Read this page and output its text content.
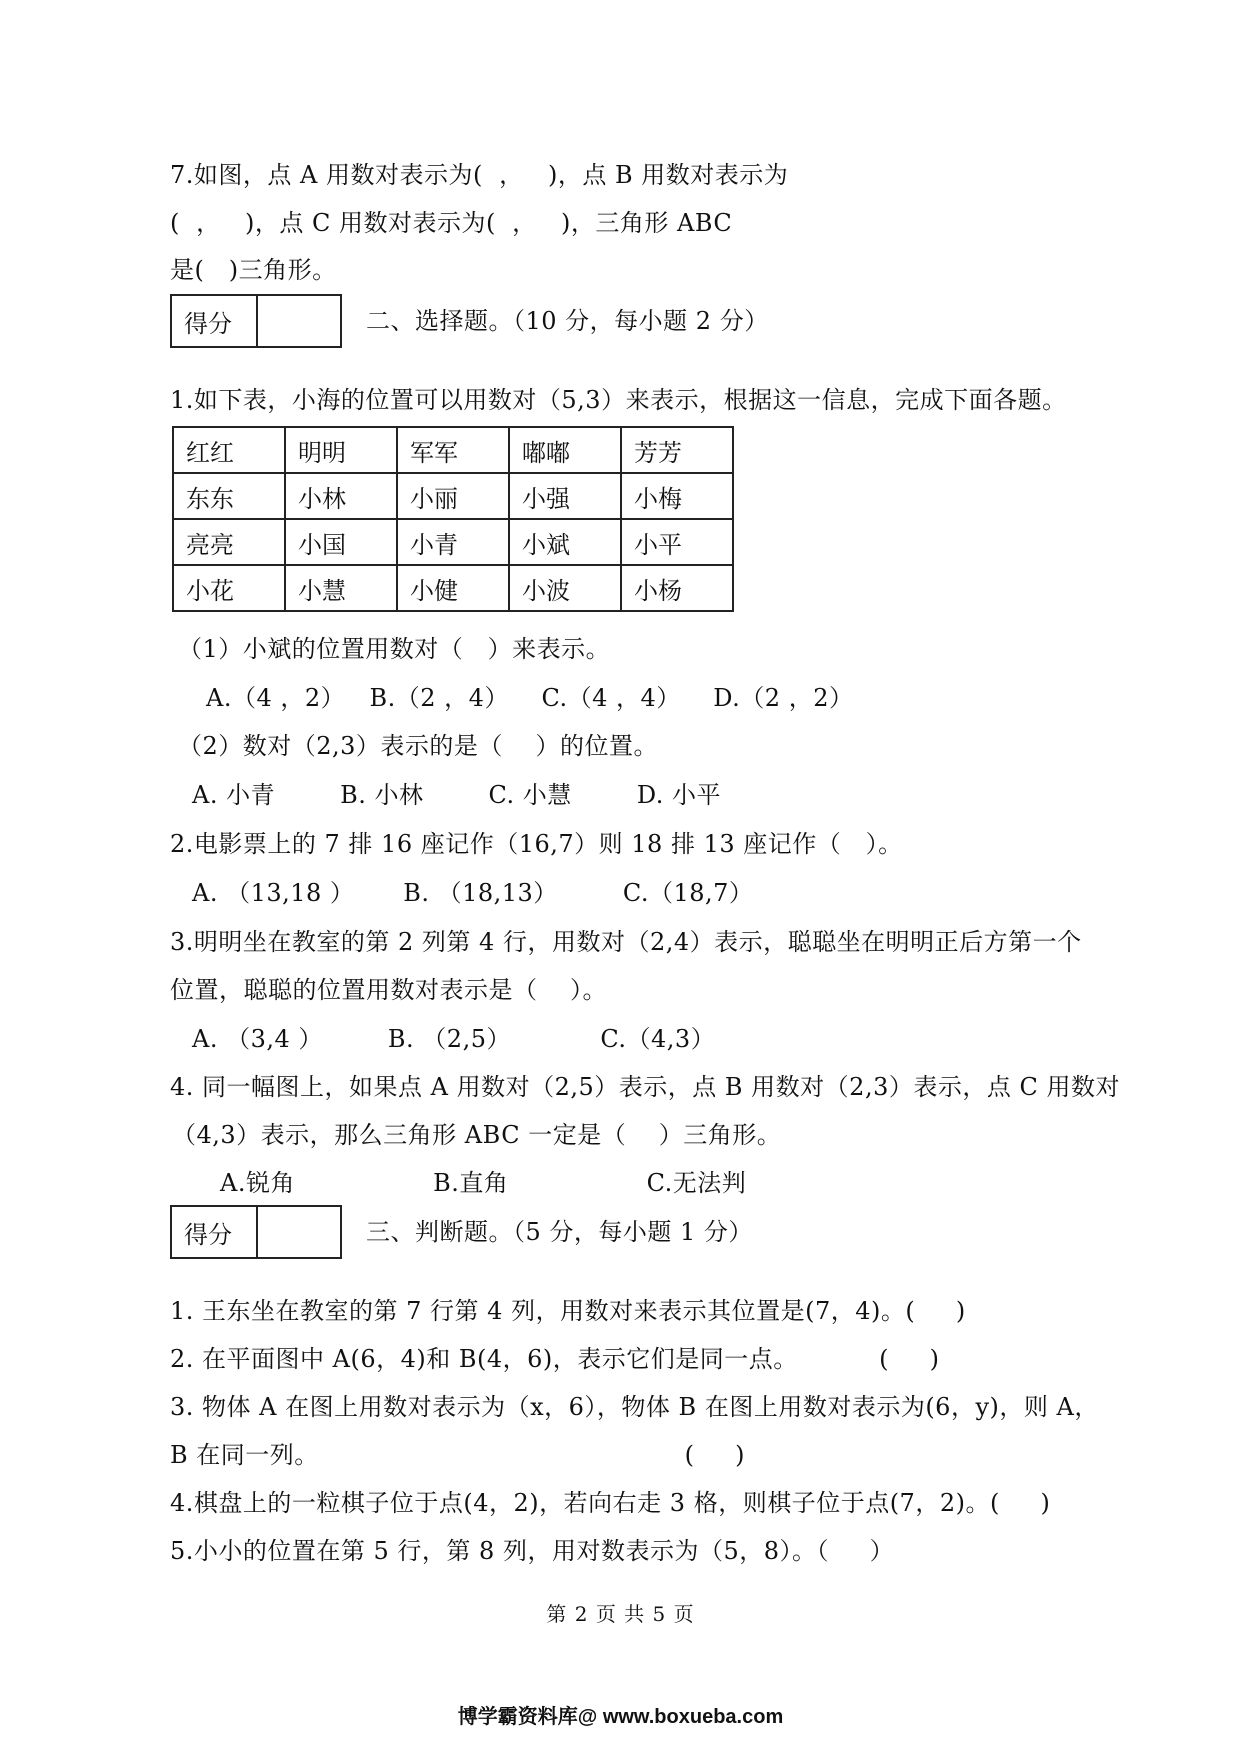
7.如图，点 A 用数对表示为(  ，   )，点 B 用数对表示为
(  ，   )，点 C 用数对表示为(  ，   )，三角形 ABC
是(   )三角形。
得分	二、选择题。（10 分，每小题 2 分）
1.如下表，小海的位置可以用数对（5,3）来表示，根据这一信息，完成下面各题。
红红	明明	军军	嘟嘟	芳芳
东东	小林	小丽	小强	小梅
亮亮	小国	小青	小斌	小平
小花	小慧	小健	小波	小杨
（1）小斌的位置用数对（   ）来表示。
A.（4 ，2）   B.（2 ，4）    C.（4 ，4）    D.（2 ，2）
（2）数对（2,3）表示的是（    ）的位置。
A. 小青        B. 小林        C. 小慧        D. 小平
2.电影票上的 7 排 16 座记作（16,7）则 18 排 13 座记作（   ）。
A. （13,18 ）      B. （18,13）        C.（18,7）
3.明明坐在教室的第 2 列第 4 行，用数对（2,4）表示，聪聪坐在明明正后方第一个
位置，聪聪的位置用数对表示是（    ）。
A. （3,4 ）        B. （2,5）           C.（4,3）
4. 同一幅图上，如果点 A 用数对（2,5）表示，点 B 用数对（2,3）表示，点 C 用数对
（4,3）表示，那么三角形 ABC 一定是（    ）三角形。
A.锐角                 B.直角                 C.无法判
得分	三、判断题。（5 分，每小题 1 分）
1. 王东坐在教室的第 7 行第 4 列，用数对来表示其位置是(7，4)。(     )
2. 在平面图中 A(6，4)和 B(4，6)，表示它们是同一点。          (     )
3. 物体 A 在图上用数对表示为（x，6），物体 B 在图上用数对表示为(6，y)，则 A，
B 在同一列。                                             (     )
4.棋盘上的一粒棋子位于点(4，2)，若向右走 3 格，则棋子位于点(7，2)。(     )
5.小小的位置在第 5 行，第 8 列，用对数表示为（5，8）。（     ）
第 2 页 共 5 页
博学霸资料库@ www.boxueba.com
